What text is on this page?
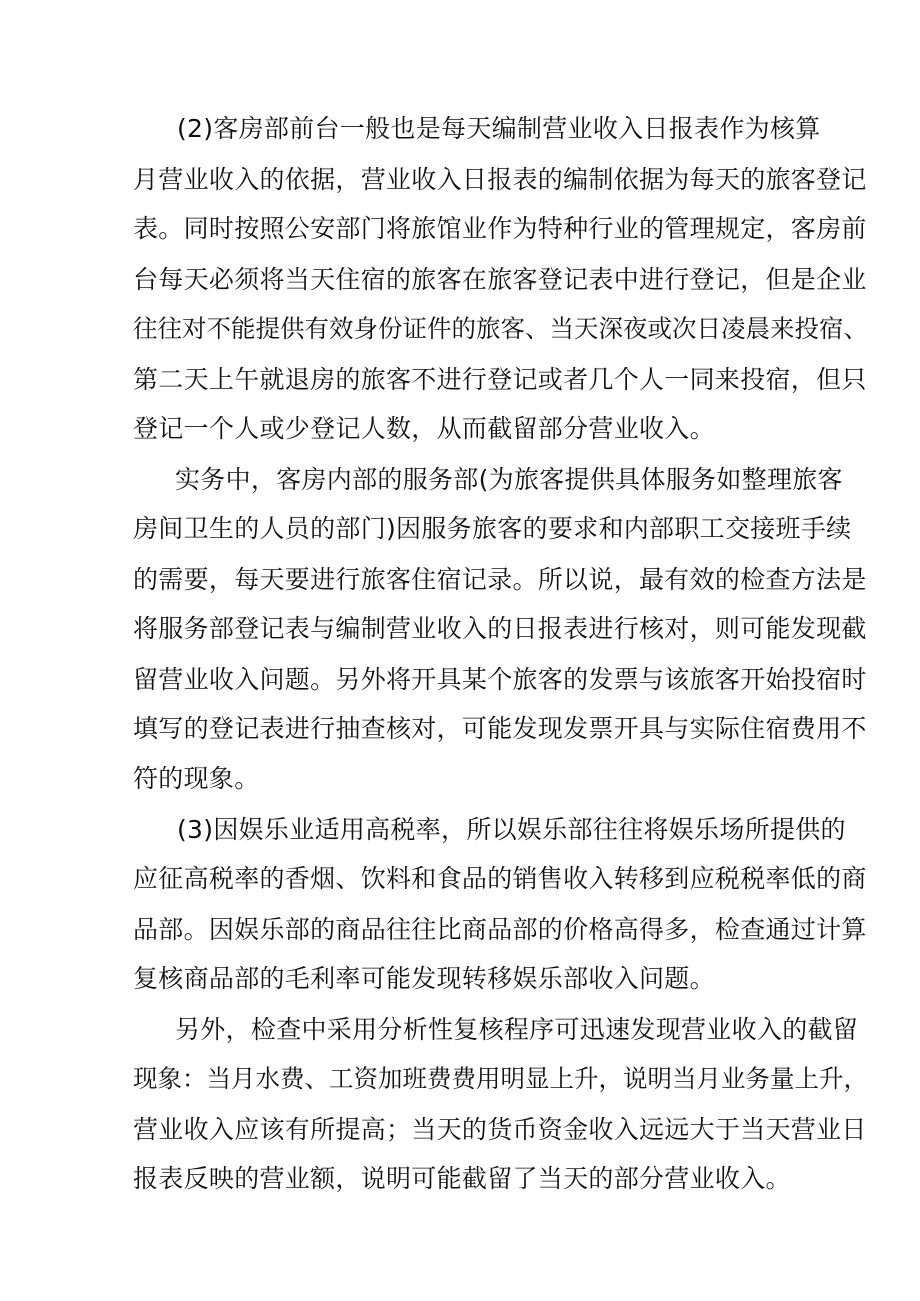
(2)客房部前台一般也是每天编制营业收入日报表作为核算
月营业收入的依据，营业收入日报表的编制依据为每天的旅客登记
表。同时按照公安部门将旅馆业作为特种行业的管理规定，客房前
台每天必须将当天住宿的旅客在旅客登记表中进行登记，但是企业
往往对不能提供有效身份证件的旅客、当天深夜或次日凌晨来投宿、
第二天上午就退房的旅客不进行登记或者几个人一同来投宿，但只
登记一个人或少登记人数，从而截留部分营业收入。
实务中，客房内部的服务部(为旅客提供具体服务如整理旅客
房间卫生的人员的部门)因服务旅客的要求和内部职工交接班手续
的需要，每天要进行旅客住宿记录。所以说，最有效的检查方法是
将服务部登记表与编制营业收入的日报表进行核对，则可能发现截
留营业收入问题。另外将开具某个旅客的发票与该旅客开始投宿时
填写的登记表进行抽查核对，可能发现发票开具与实际住宿费用不
符的现象。
(3)因娱乐业适用高税率，所以娱乐部往往将娱乐场所提供的
应征高税率的香烟、饮料和食品的销售收入转移到应税税率低的商
品部。因娱乐部的商品往往比商品部的价格高得多，检查通过计算
复核商品部的毛利率可能发现转移娱乐部收入问题。
另外，检查中采用分析性复核程序可迅速发现营业收入的截留
现象：当月水费、工资加班费费用明显上升，说明当月业务量上升，
营业收入应该有所提高；当天的货币资金收入远远大于当天营业日
报表反映的营业额，说明可能截留了当天的部分营业收入。
